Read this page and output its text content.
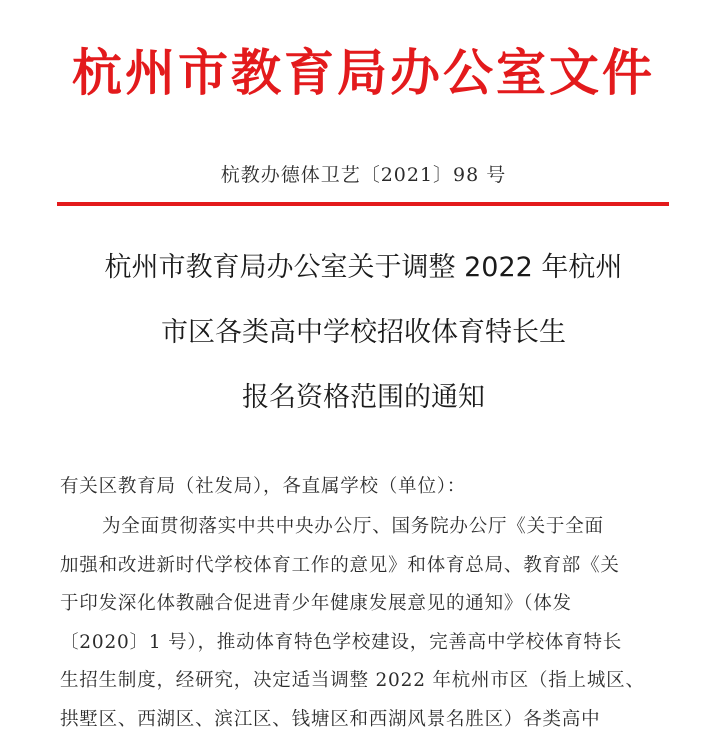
杭州市教育局办公室文件
杭教办德体卫艺〔2021〕98 号
杭州市教育局办公室关于调整 2022 年杭州
市区各类高中学校招收体育特长生
报名资格范围的通知
有关区教育局（社发局），各直属学校（单位）：
为全面贯彻落实中共中央办公厅、国务院办公厅《关于全面
加强和改进新时代学校体育工作的意见》和体育总局、教育部《关
于印发深化体教融合促进青少年健康发展意见的通知》（体发
〔2020〕1 号），推动体育特色学校建设，完善高中学校体育特长
生招生制度，经研究，决定适当调整 2022 年杭州市区（指上城区、
拱墅区、西湖区、滨江区、钱塘区和西湖风景名胜区）各类高中
